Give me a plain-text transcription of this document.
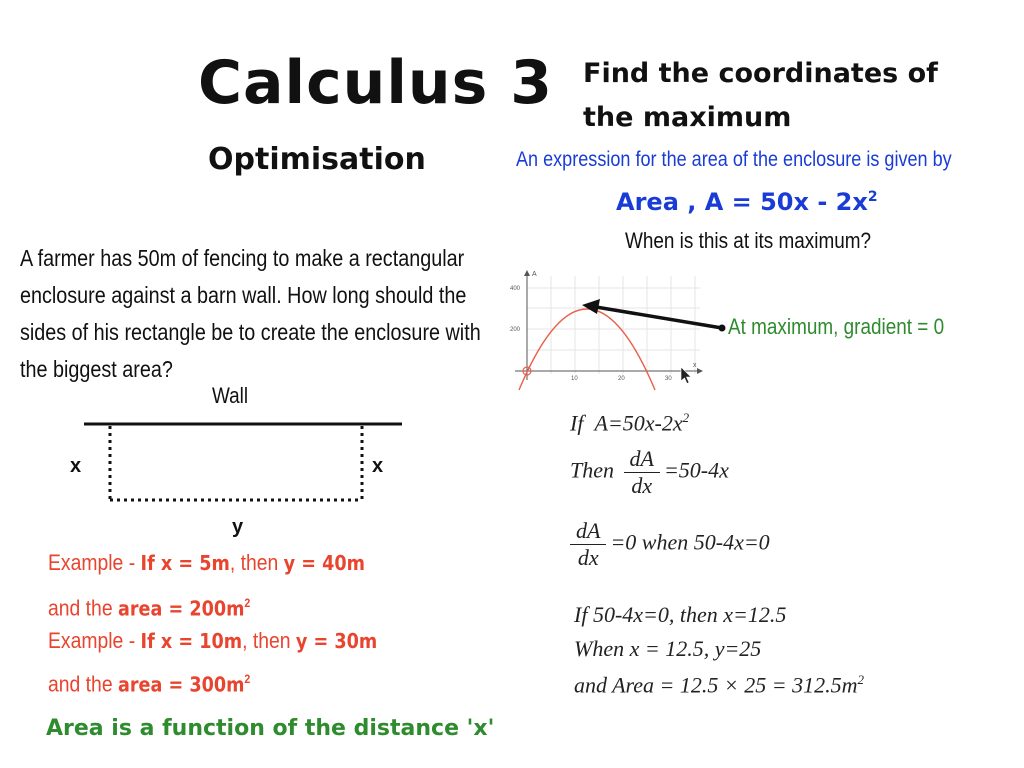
Calculus 3
Optimisation
Find the coordinates of
the maximum
An expression for the area of the enclosure is given by
Area , $A = 50x - 2x^2$
When is this at its maximum?
A farmer has 50m of fencing to make a rectangular enclosure against a barn wall. How long should the sides of his rectangle be to create the enclosure with the biggest area?
Wall
x	x
y
Example - If x = 5m, then y = 40m
and the area = $200m^2$
Example - If x = 10m, then y = 30m
and the area = $300m^2$
Area is a function of the distance 'x'
A
x
400
200
10	20	30
At maximum, gradient = 0
If $A=50x-2x^2$
Then $\frac{dA}{dx} =50-4x$
$\frac{dA}{dx} =0$ when 50-4x=0
If 50-4x=0, then x=12.5
When x = 12.5, y=25
and Area = $12.5 \times 25 = 312.5m^2$
